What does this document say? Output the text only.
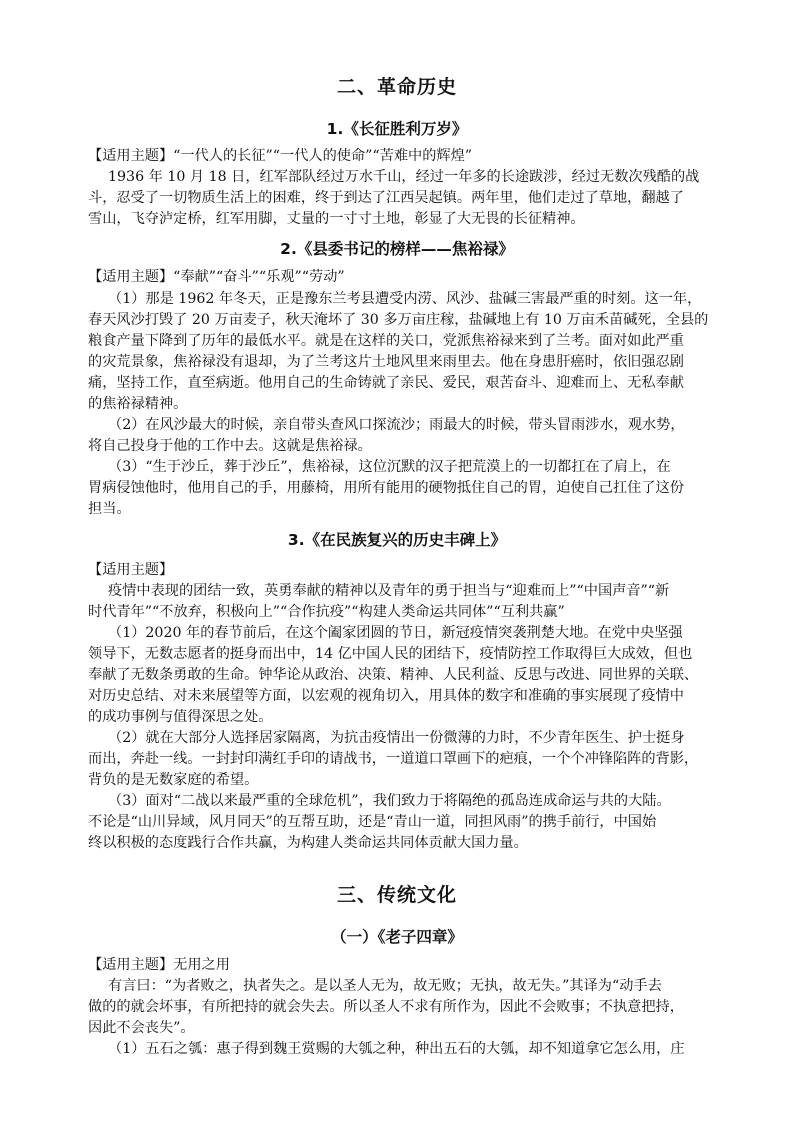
二、革命历史
1.《长征胜利万岁》
【适用主题】“一代人的长征”“一代人的使命”“苦难中的辉煌”
1936 年 10 月 18 日，红军部队经过万水千山，经过一年多的长途跋涉，经过无数次残酷的战
斗，忍受了一切物质生活上的困难，终于到达了江西吴起镇。两年里，他们走过了草地，翻越了
雪山，飞夺泸定桥，红军用脚，丈量的一寸寸土地，彰显了大无畏的长征精神。
2.《县委书记的榜样——焦裕禄》
【适用主题】“奉献”“奋斗”“乐观”“劳动”
（1）那是 1962 年冬天，正是豫东兰考县遭受内涝、风沙、盐碱三害最严重的时刻。这一年，
春天风沙打毁了 20 万亩麦子，秋天淹坏了 30 多万亩庄稼，盐碱地上有 10 万亩禾苗碱死，全县的
粮食产量下降到了历年的最低水平。就是在这样的关口，党派焦裕禄来到了兰考。面对如此严重
的灾荒景象，焦裕禄没有退却，为了兰考这片土地风里来雨里去。他在身患肝癌时，依旧强忍剧
痛，坚持工作，直至病逝。他用自己的生命铸就了亲民、爱民，艰苦奋斗、迎难而上、无私奉献
的焦裕禄精神。
（2）在风沙最大的时候，亲自带头查风口探流沙；雨最大的时候，带头冒雨涉水，观水势，
将自己投身于他的工作中去。这就是焦裕禄。
（3）“生于沙丘，葬于沙丘”，焦裕禄，这位沉默的汉子把荒漠上的一切都扛在了肩上，在
胃病侵蚀他时，他用自己的手，用藤椅，用所有能用的硬物抵住自己的胃，迫使自己扛住了这份
担当。
3.《在民族复兴的历史丰碑上》
【适用主题】
疫情中表现的团结一致，英勇奉献的精神以及青年的勇于担当与“迎难而上”“中国声音”“新
时代青年”“不放弃，积极向上”“合作抗疫”“构建人类命运共同体”“互利共赢”
（1）2020 年的春节前后，在这个阖家团圆的节日，新冠疫情突袭荆楚大地。在党中央坚强
领导下，无数志愿者的挺身而出中，14 亿中国人民的团结下，疫情防控工作取得巨大成效，但也
奉献了无数条勇敢的生命。钟华论从政治、决策、精神、人民利益、反思与改进、同世界的关联、
对历史总结、对未来展望等方面，以宏观的视角切入，用具体的数字和准确的事实展现了疫情中
的成功事例与值得深思之处。
（2）就在大部分人选择居家隔离，为抗击疫情出一份微薄的力时，不少青年医生、护士挺身
而出，奔赴一线。一封封印满红手印的请战书，一道道口罩画下的疤痕，一个个冲锋陷阵的背影，
背负的是无数家庭的希望。
（3）面对“二战以来最严重的全球危机”，我们致力于将隔绝的孤岛连成命运与共的大陆。
不论是“山川异域，风月同天”的互帮互助，还是“青山一道，同担风雨”的携手前行，中国始
终以积极的态度践行合作共赢，为构建人类命运共同体贡献大国力量。
三、传统文化
（一）《老子四章》
【适用主题】无用之用
有言曰：“为者败之，执者失之。是以圣人无为，故无败；无执，故无失。”其译为“动手去
做的的就会坏事，有所把持的就会失去。所以圣人不求有所作为，因此不会败事；不执意把持，
因此不会丧失”。
（1）五石之瓠：惠子得到魏王赏赐的大瓠之种，种出五石的大瓠，却不知道拿它怎么用，庄
